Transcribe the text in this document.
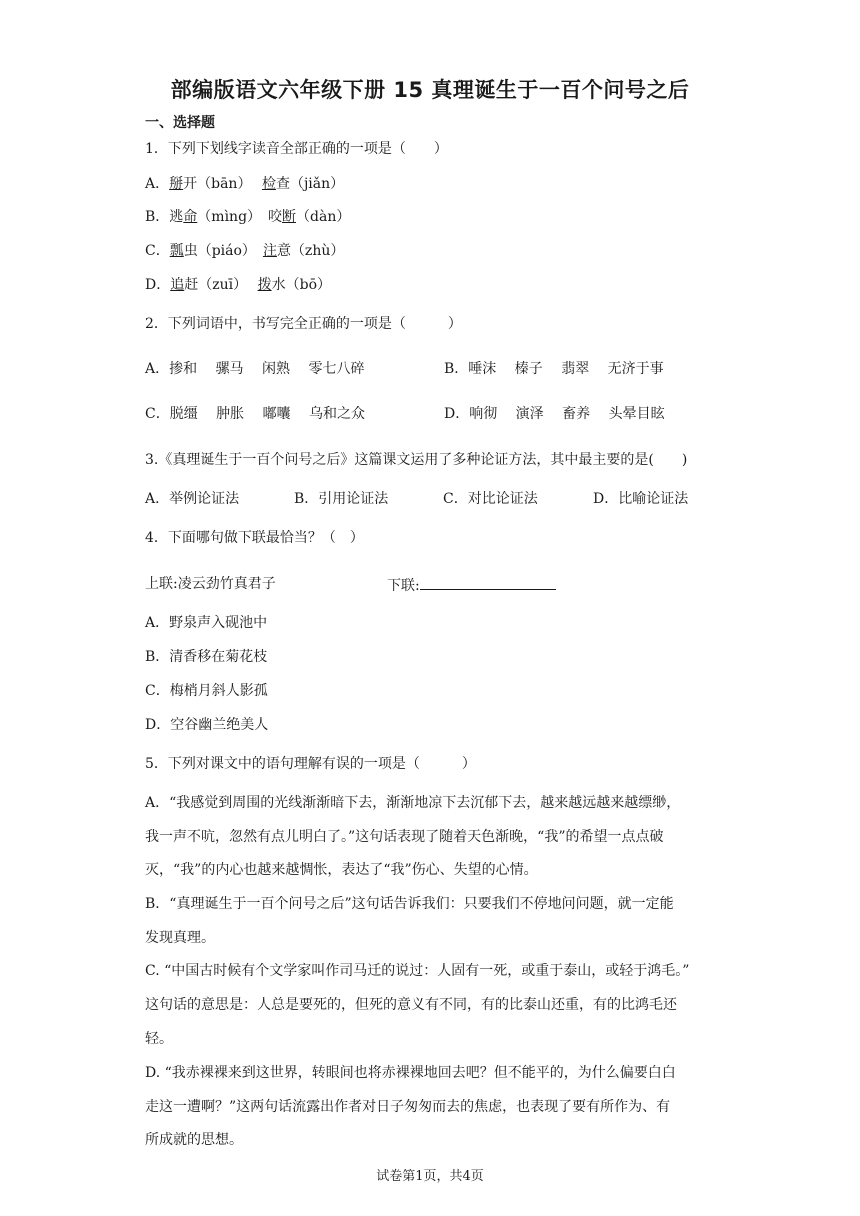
部编版语文六年级下册 15 真理诞生于一百个问号之后
一、选择题
1．下列下划线字读音全部正确的一项是（　　）
A．掰开（bān）　  检查（jiǎn）
B．逃命（mìng）　 咬断（dàn）
C．瓢虫（piáo）　 注意（zhù）
D．追赶（zuī）　  拨水（bō）
2．下列词语中，书写完全正确的一项是（　　　）
A．掺和　 骡马　 闲熟　 零七八碎	B．唾沫　 榛子　 翡翠　 无济于事
C．脱缰　 肿胀　 嘟囔　 乌和之众	D．响彻　 演泽　 畜养　 头晕目眩
3.《真理诞生于一百个问号之后》这篇课文运用了多种论证方法，其中最主要的是(　　)
A．举例论证法	B．引用论证法	C．对比论证法	D．比喻论证法
4．下面哪句做下联最恰当？（　）
上联:凌云劲竹真君子	下联:
A．野泉声入砚池中
B．清香移在菊花枝
C．梅梢月斜人影孤
D．空谷幽兰绝美人
5．下列对课文中的语句理解有误的一项是（　　　）
A．“我感觉到周围的光线渐渐暗下去，渐渐地凉下去沉郁下去，越来越远越来越缥缈，
我一声不吭，忽然有点儿明白了。”这句话表现了随着天色渐晚，“我”的希望一点点破
灭，“我”的内心也越来越惆怅，表达了“我”伤心、失望的心情。
B．“真理诞生于一百个问号之后”这句话告诉我们：只要我们不停地问问题，就一定能
发现真理。
C. “中国古时候有个文学家叫作司马迁的说过：人固有一死，或重于泰山，或轻于鸿毛。”
这句话的意思是：人总是要死的，但死的意义有不同，有的比泰山还重，有的比鸿毛还
轻。
D. “我赤裸裸来到这世界，转眼间也将赤裸裸地回去吧？但不能平的，为什么偏要白白
走这一遭啊？”这两句话流露出作者对日子匆匆而去的焦虑，也表现了要有所作为、有
所成就的思想。
试卷第1页，共4页
